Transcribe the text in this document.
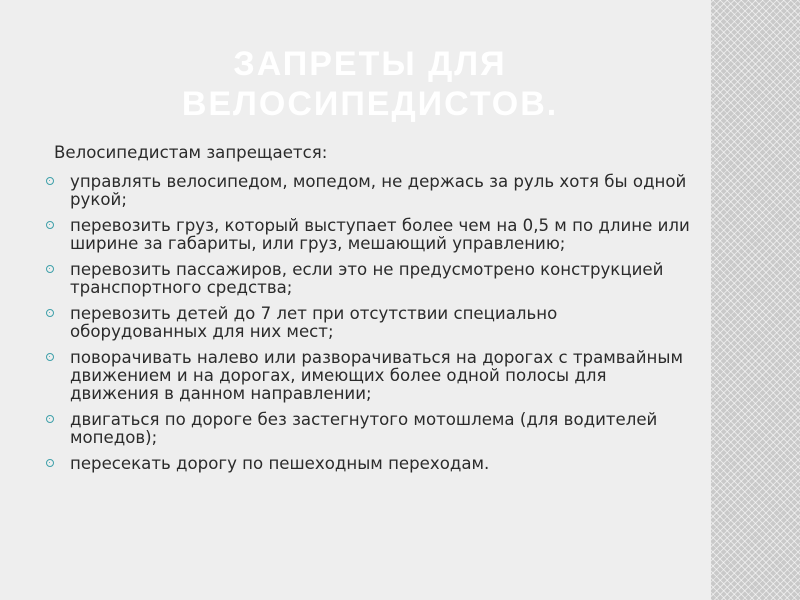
ЗАПРЕТЫ ДЛЯ ВЕЛОСИПЕДИСТОВ.
Велосипедистам запрещается:
управлять велосипедом, мопедом, не держась за руль хотя бы одной рукой;
перевозить груз, который выступает более чем на 0,5 м по длине или ширине за габариты, или груз, мешающий управлению;
перевозить пассажиров, если это не предусмотрено конструкцией транспортного средства;
перевозить детей до 7 лет при отсутствии специально оборудованных для них мест;
поворачивать налево или разворачиваться на дорогах с трамвайным движением и на дорогах, имеющих более одной полосы для движения в данном направлении;
двигаться по дороге без застегнутого мотошлема (для водителей мопедов);
пересекать дорогу по пешеходным переходам.
